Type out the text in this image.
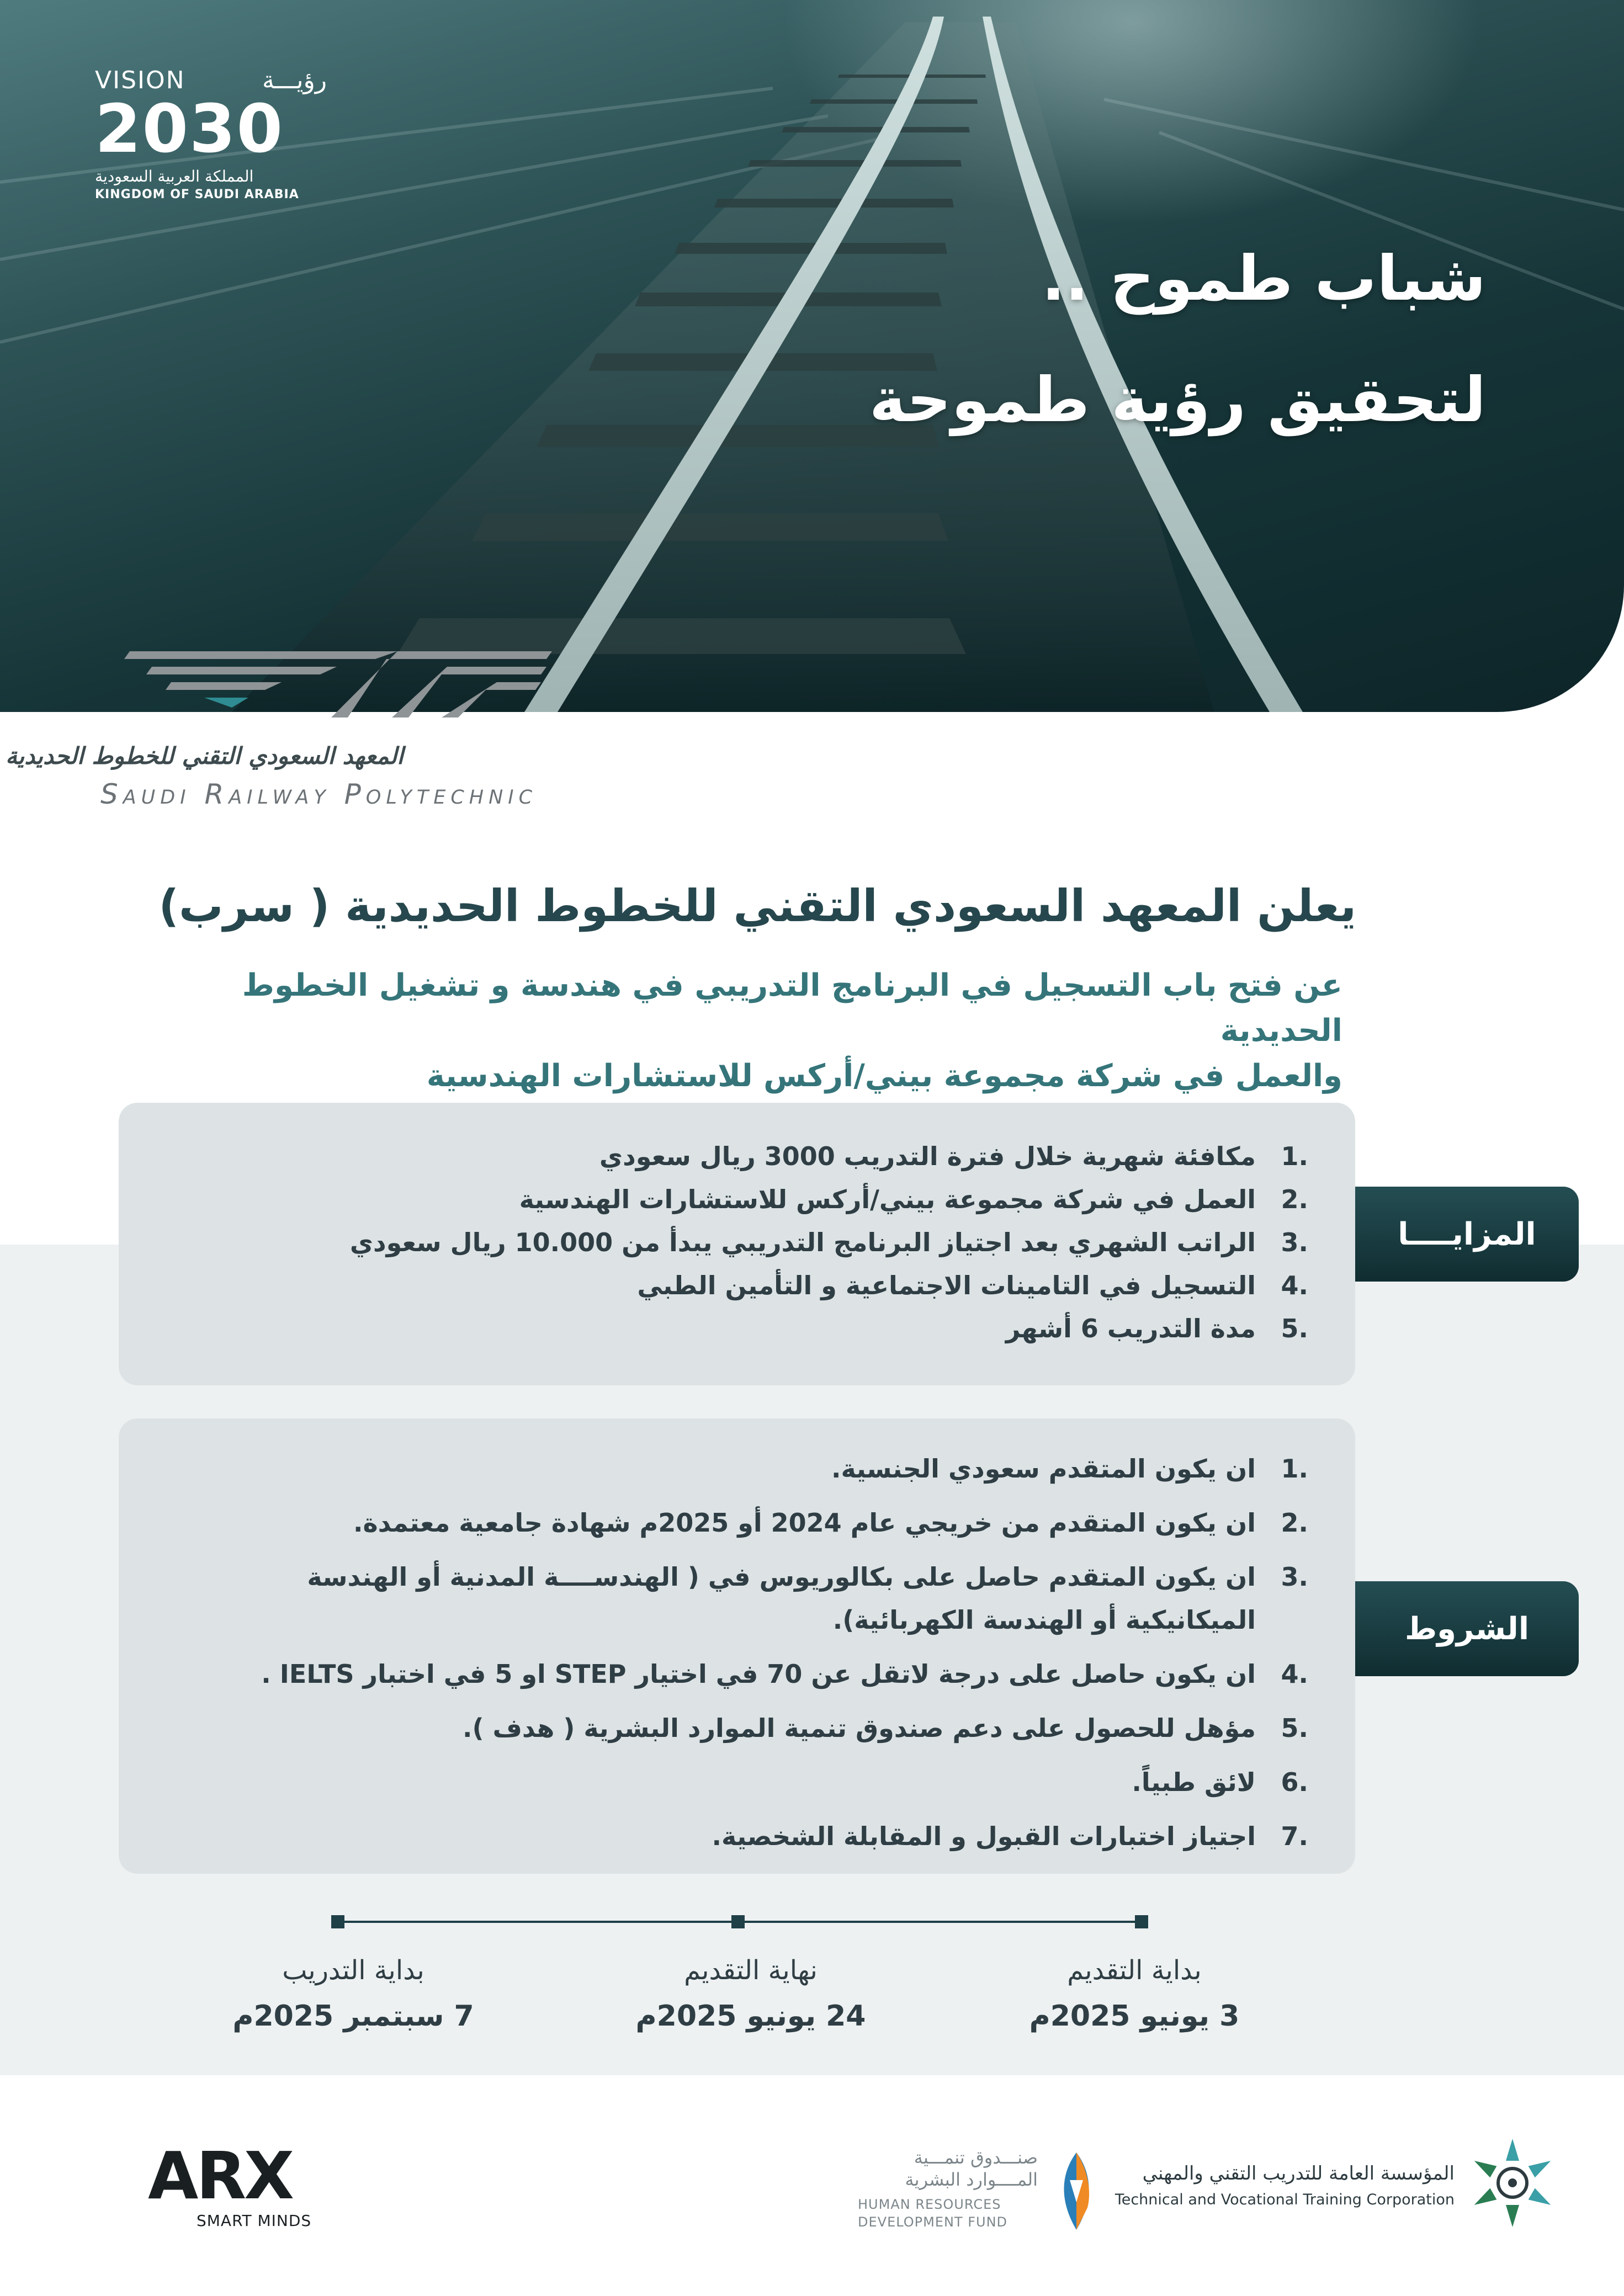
VISION	رؤيـــة
2030
المملكة العربية السعودية
KINGDOM OF SAUDI ARABIA
شباب طموح ..
لتحقيق رؤية طموحة
المعهد السعودي التقني للخطوط الحديدية
Saudi Railway Polytechnic
يعلن المعهد السعودي التقني للخطوط الحديدية ( سرب)
عن فتح باب التسجيل في البرنامج التدريبي في هندسة و تشغيل الخطوط الحديدية
والعمل في شركة مجموعة بيني/أركس للاستشارات الهندسية
1.
مكافئة شهرية خلال فترة التدريب 3000 ريال سعودي
2.
العمل في شركة مجموعة بيني/أركس للاستشارات الهندسية
3.
الراتب الشهري بعد اجتياز البرنامج التدريبي يبدأ من 10.000 ريال سعودي
4.
التسجيل في التامينات الاجتماعية و التأمين الطبي
5.
مدة التدريب 6 أشهر
المزايــــا
1.
ان يكون المتقدم سعودي الجنسية.
2.
ان يكون المتقدم من خريجي عام 2024 أو 2025م شهادة جامعية معتمدة.
3.
ان يكون المتقدم حاصل على بكالوريوس في ( الهندســــة المدنية أو الهندسة الميكانيكية أو الهندسة الكهربائية).
4.
ان يكون حاصل على درجة لاتقل عن 70 في اختيار STEP او 5 في اختبار IELTS .
5.
مؤهل للحصول على دعم صندوق تنمية الموارد البشرية ( هدف ).
6.
لائق طبياً.
7.
اجتياز اختبارات القبول و المقابلة الشخصية.
الشروط
بداية التقديم
3 يونيو 2025م
نهاية التقديم
24 يونيو 2025م
بداية التدريب
7 سبتمبر 2025م
المؤسسة العامة للتدريب التقني والمهني
Technical and Vocational Training Corporation
صنـــدوق تنمـــية
المــــوارد البشرية
HUMAN RESOURCES
DEVELOPMENT FUND
ARX
SMART MINDS
